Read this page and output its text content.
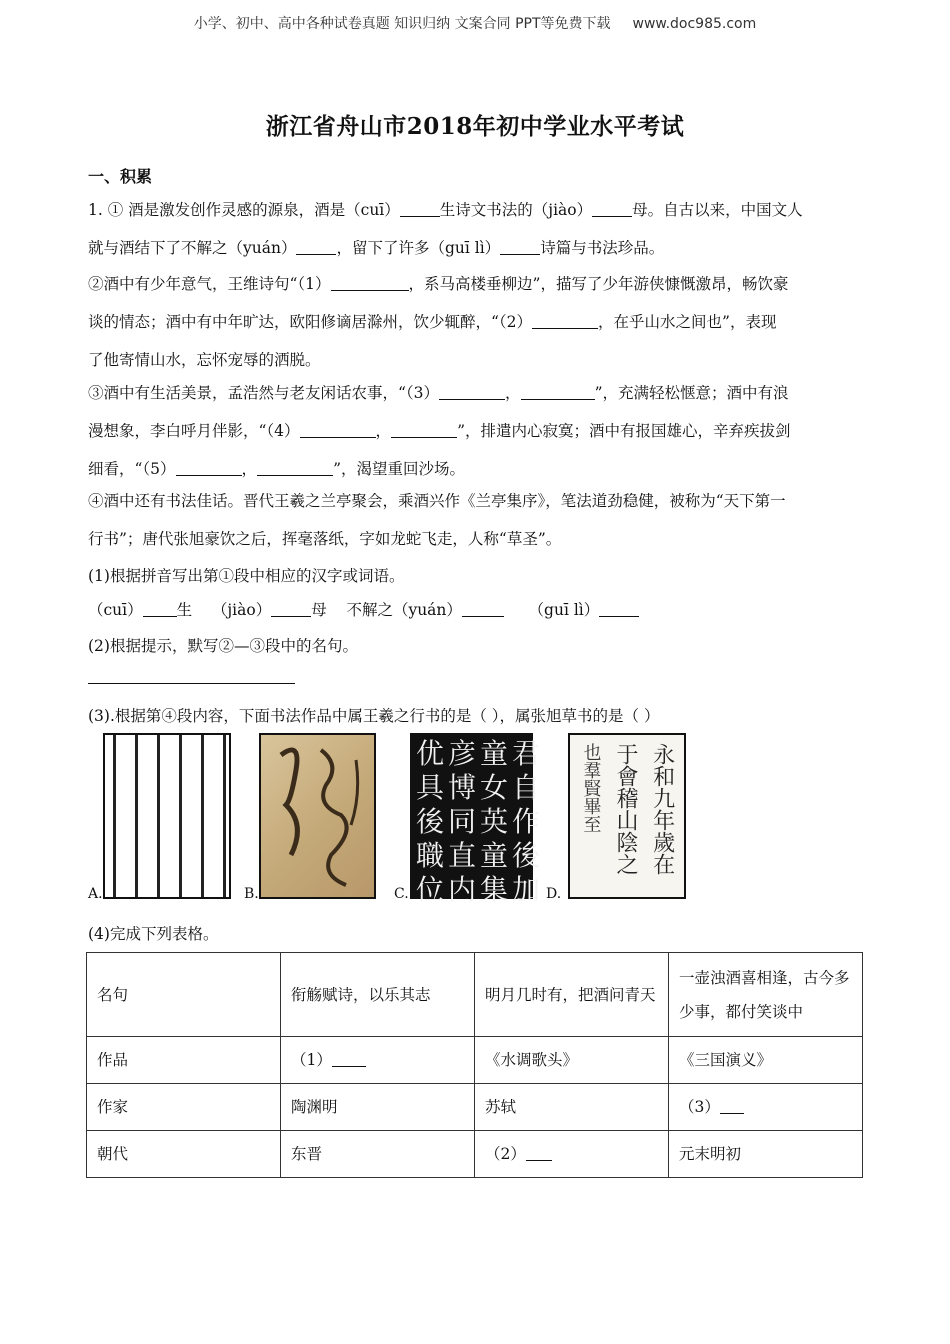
小学、初中、高中各种试卷真题 知识归纳 文案合同 PPT等免费下载 www.doc985.com
浙江省舟山市2018年初中学业水平考试
一、积累
1. ① 酒是激发创作灵感的源泉，酒是（cuī）	生诗文书法的（jiào）	母。自古以来，中国文人
就与酒结下了不解之（yuán）	，留下了许多（guī lì）	诗篇与书法珍品。
②酒中有少年意气，王维诗句“（1）	，系马高楼垂柳边”，描写了少年游侠慷慨激昂，畅饮豪
谈的情态；酒中有中年旷达，欧阳修谪居滁州，饮少辄醉，“（2）	，在乎山水之间也”，表现
了他寄情山水，忘怀宠辱的洒脱。
③酒中有生活美景，孟浩然与老友闲话农事，“（3）	，	”，充满轻松惬意；酒中有浪
漫想象，李白呼月伴影，“（4）	，	”，排遣内心寂寞；酒中有报国雄心，辛弃疾拔剑
细看，“（5）	，	”，渴望重回沙场。
④酒中还有书法佳话。晋代王羲之兰亭聚会，乘酒兴作《兰亭集序》，笔法道劲稳健，被称为“天下第一
行书”；唐代张旭豪饮之后，挥毫落纸，字如龙蛇飞走，人称“草圣”。
(1)根据拼音写出第①段中相应的汉字或词语。
（cuī） 生 （jiào）	母 不解之（yuán）	（guī lì）
(2)根据提示，默写②—③段中的名句。
(3).根据第④段内容，下面书法作品中属王羲之行书的是（ ），属张旭草书的是（ ）
优 彦 童 君
具 博 女 自
後 同 英 作
職 直 童 後
位 内 集 加
永和九年歲在
于會稽山陰之
也羣賢畢至
A.	B.	C.	D.
(4)完成下列表格。
名句	衔觞赋诗，以乐其志	明月几时有，把酒问青天	一壶浊酒喜相逢，古今多少事，都付笑谈中
作品	（1）	《水调歌头》	《三国演义》
作家	陶渊明	苏轼	（3）
朝代	东晋	（2）	元末明初
